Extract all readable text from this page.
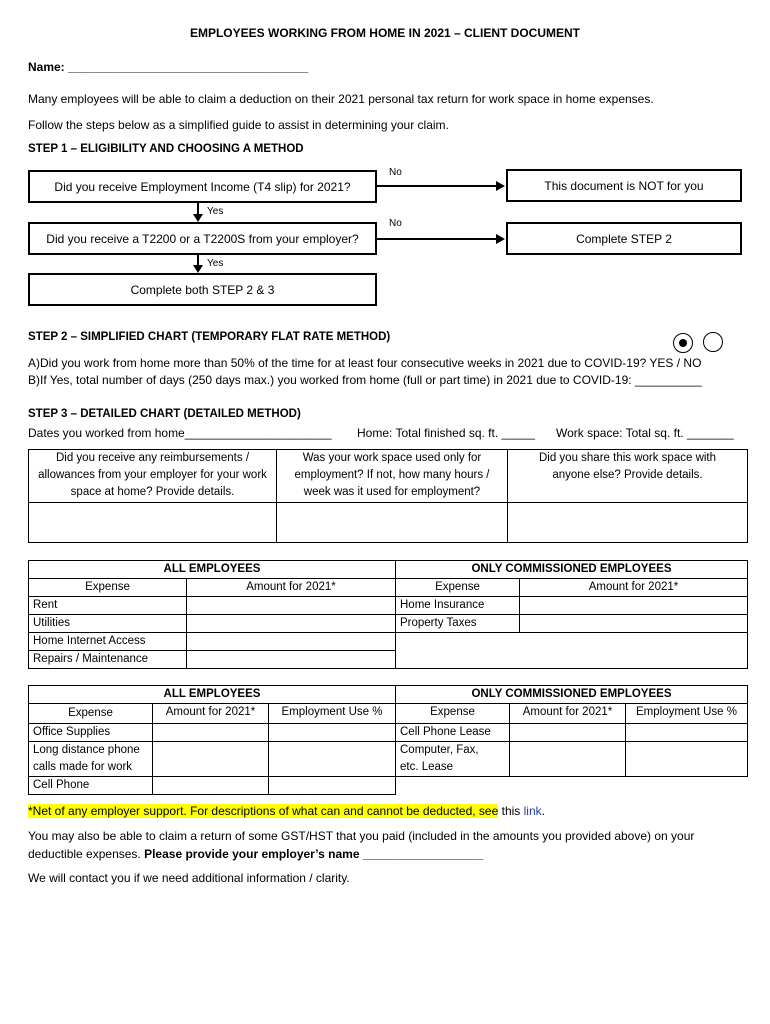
EMPLOYEES WORKING FROM HOME IN 2021 – CLIENT DOCUMENT
Name: ____________________________________
Many employees will be able to claim a deduction on their 2021 personal tax return for work space in home expenses.
Follow the steps below as a simplified guide to assist in determining your claim.
STEP 1 – ELIGIBILITY AND CHOOSING A METHOD
Did you receive Employment Income (T4 slip) for 2021?
No
This document is NOT for you
Yes
Did you receive a T2200 or a T2200S from your employer?
No
Complete STEP 2
Yes
Complete both STEP 2 & 3
STEP 2 – SIMPLIFIED CHART (TEMPORARY FLAT RATE METHOD)
A)Did you work from home more than 50% of the time for at least four consecutive weeks in 2021 due to COVID-19? YES / NO
B)If Yes, total number of days (250 days max.) you worked from home (full or part time) in 2021 due to COVID-19: __________
STEP 3 – DETAILED CHART (DETAILED METHOD)
Dates you worked from home______________________ Home: Total finished sq. ft. _____ Work space: Total sq. ft. _______
Did you receive any reimbursements / allowances from your employer for your work space at home? Provide details.	Was your work space used only for employment? If not, how many hours / week was it used for employment?	Did you share this work space with anyone else? Provide details.

ALL EMPLOYEES		ONLY COMMISSIONED EMPLOYEES	
Expense	Amount for 2021*	Expense	Amount for 2021*
Rent		Home Insurance	
Utilities		Property Taxes	
Home Internet Access			
Repairs / Maintenance			
ALL EMPLOYEES			ONLY COMMISSIONED EMPLOYEES		
Expense	Amount for 2021*	Employment Use %	Expense	Amount for 2021*	Employment Use %
Office Supplies			Cell Phone Lease		
Long distance phone calls made for work			Computer, Fax, etc. Lease		
Cell Phone					
*Net of any employer support. For descriptions of what can and cannot be deducted, see this link.
You may also be able to claim a return of some GST/HST that you paid (included in the amounts you provided above) on your
deductible expenses. Please provide your employer’s name __________________
We will contact you if we need additional information / clarity.
